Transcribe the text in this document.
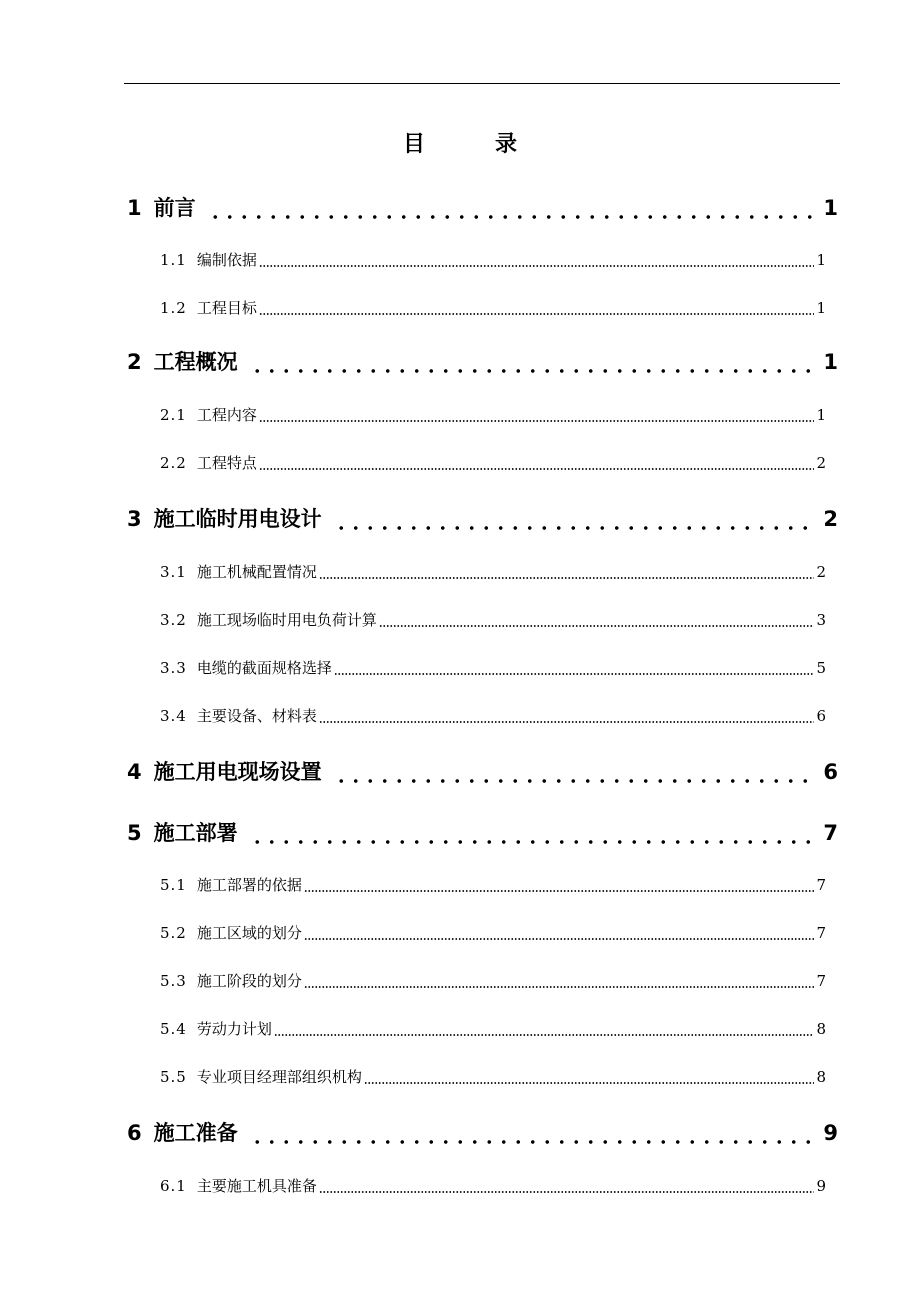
目　录
1 前言	1
1.1 编制依据	1
1.2 工程目标	1
2 工程概况	1
2.1 工程内容	1
2.2 工程特点	2
3 施工临时用电设计	2
3.1 施工机械配置情况	2
3.2 施工现场临时用电负荷计算	3
3.3 电缆的截面规格选择	5
3.4 主要设备、材料表	6
4 施工用电现场设置	6
5 施工部署	7
5.1 施工部署的依据	7
5.2 施工区域的划分	7
5.3 施工阶段的划分	7
5.4 劳动力计划	8
5.5 专业项目经理部组织机构	8
6 施工准备	9
6.1 主要施工机具准备	9
